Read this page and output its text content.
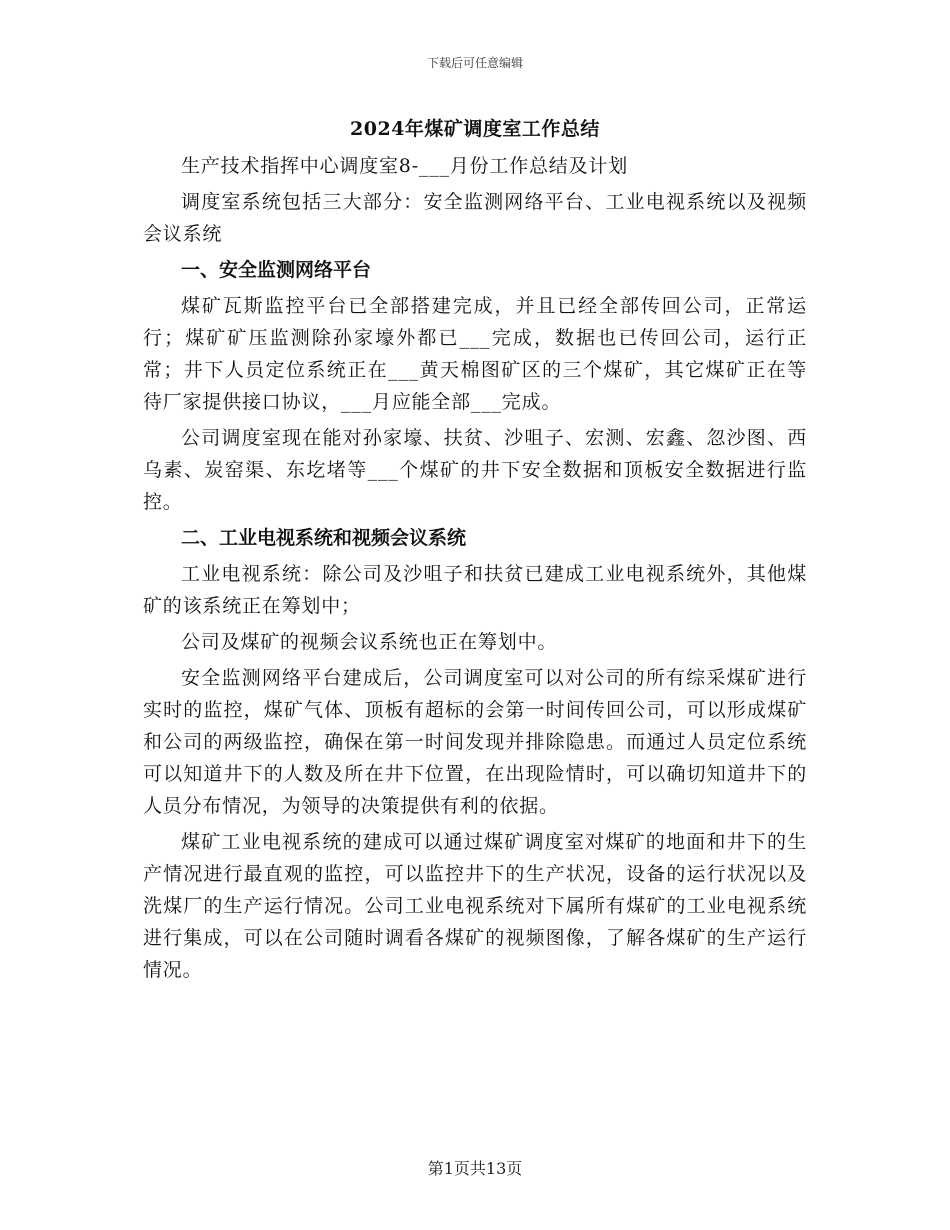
下载后可任意编辑
2024年煤矿调度室工作总结

生产技术指挥中心调度室8-___月份工作总结及计划

调度室系统包括三大部分：安全监测网络平台、工业电视系统以及视频会议系统

一、安全监测网络平台

煤矿瓦斯监控平台已全部搭建完成，并且已经全部传回公司，正常运行；煤矿矿压监测除孙家壕外都已___完成，数据也已传回公司，运行正常；井下人员定位系统正在___黄天棉图矿区的三个煤矿，其它煤矿正在等待厂家提供接口协议，___月应能全部___完成。

公司调度室现在能对孙家壕、扶贫、沙咀子、宏测、宏鑫、忽沙图、西乌素、炭窑渠、东圪堵等___个煤矿的井下安全数据和顶板安全数据进行监控。

二、工业电视系统和视频会议系统

工业电视系统：除公司及沙咀子和扶贫已建成工业电视系统外，其他煤矿的该系统正在筹划中；

公司及煤矿的视频会议系统也正在筹划中。

安全监测网络平台建成后，公司调度室可以对公司的所有综采煤矿进行实时的监控，煤矿气体、顶板有超标的会第一时间传回公司，可以形成煤矿和公司的两级监控，确保在第一时间发现并排除隐患。而通过人员定位系统可以知道井下的人数及所在井下位置，在出现险情时，可以确切知道井下的人员分布情况，为领导的决策提供有利的依据。

煤矿工业电视系统的建成可以通过煤矿调度室对煤矿的地面和井下的生产情况进行最直观的监控，可以监控井下的生产状况，设备的运行状况以及洗煤厂的生产运行情况。公司工业电视系统对下属所有煤矿的工业电视系统进行集成，可以在公司随时调看各煤矿的视频图像，了解各煤矿的生产运行情况。

第1页共13页
